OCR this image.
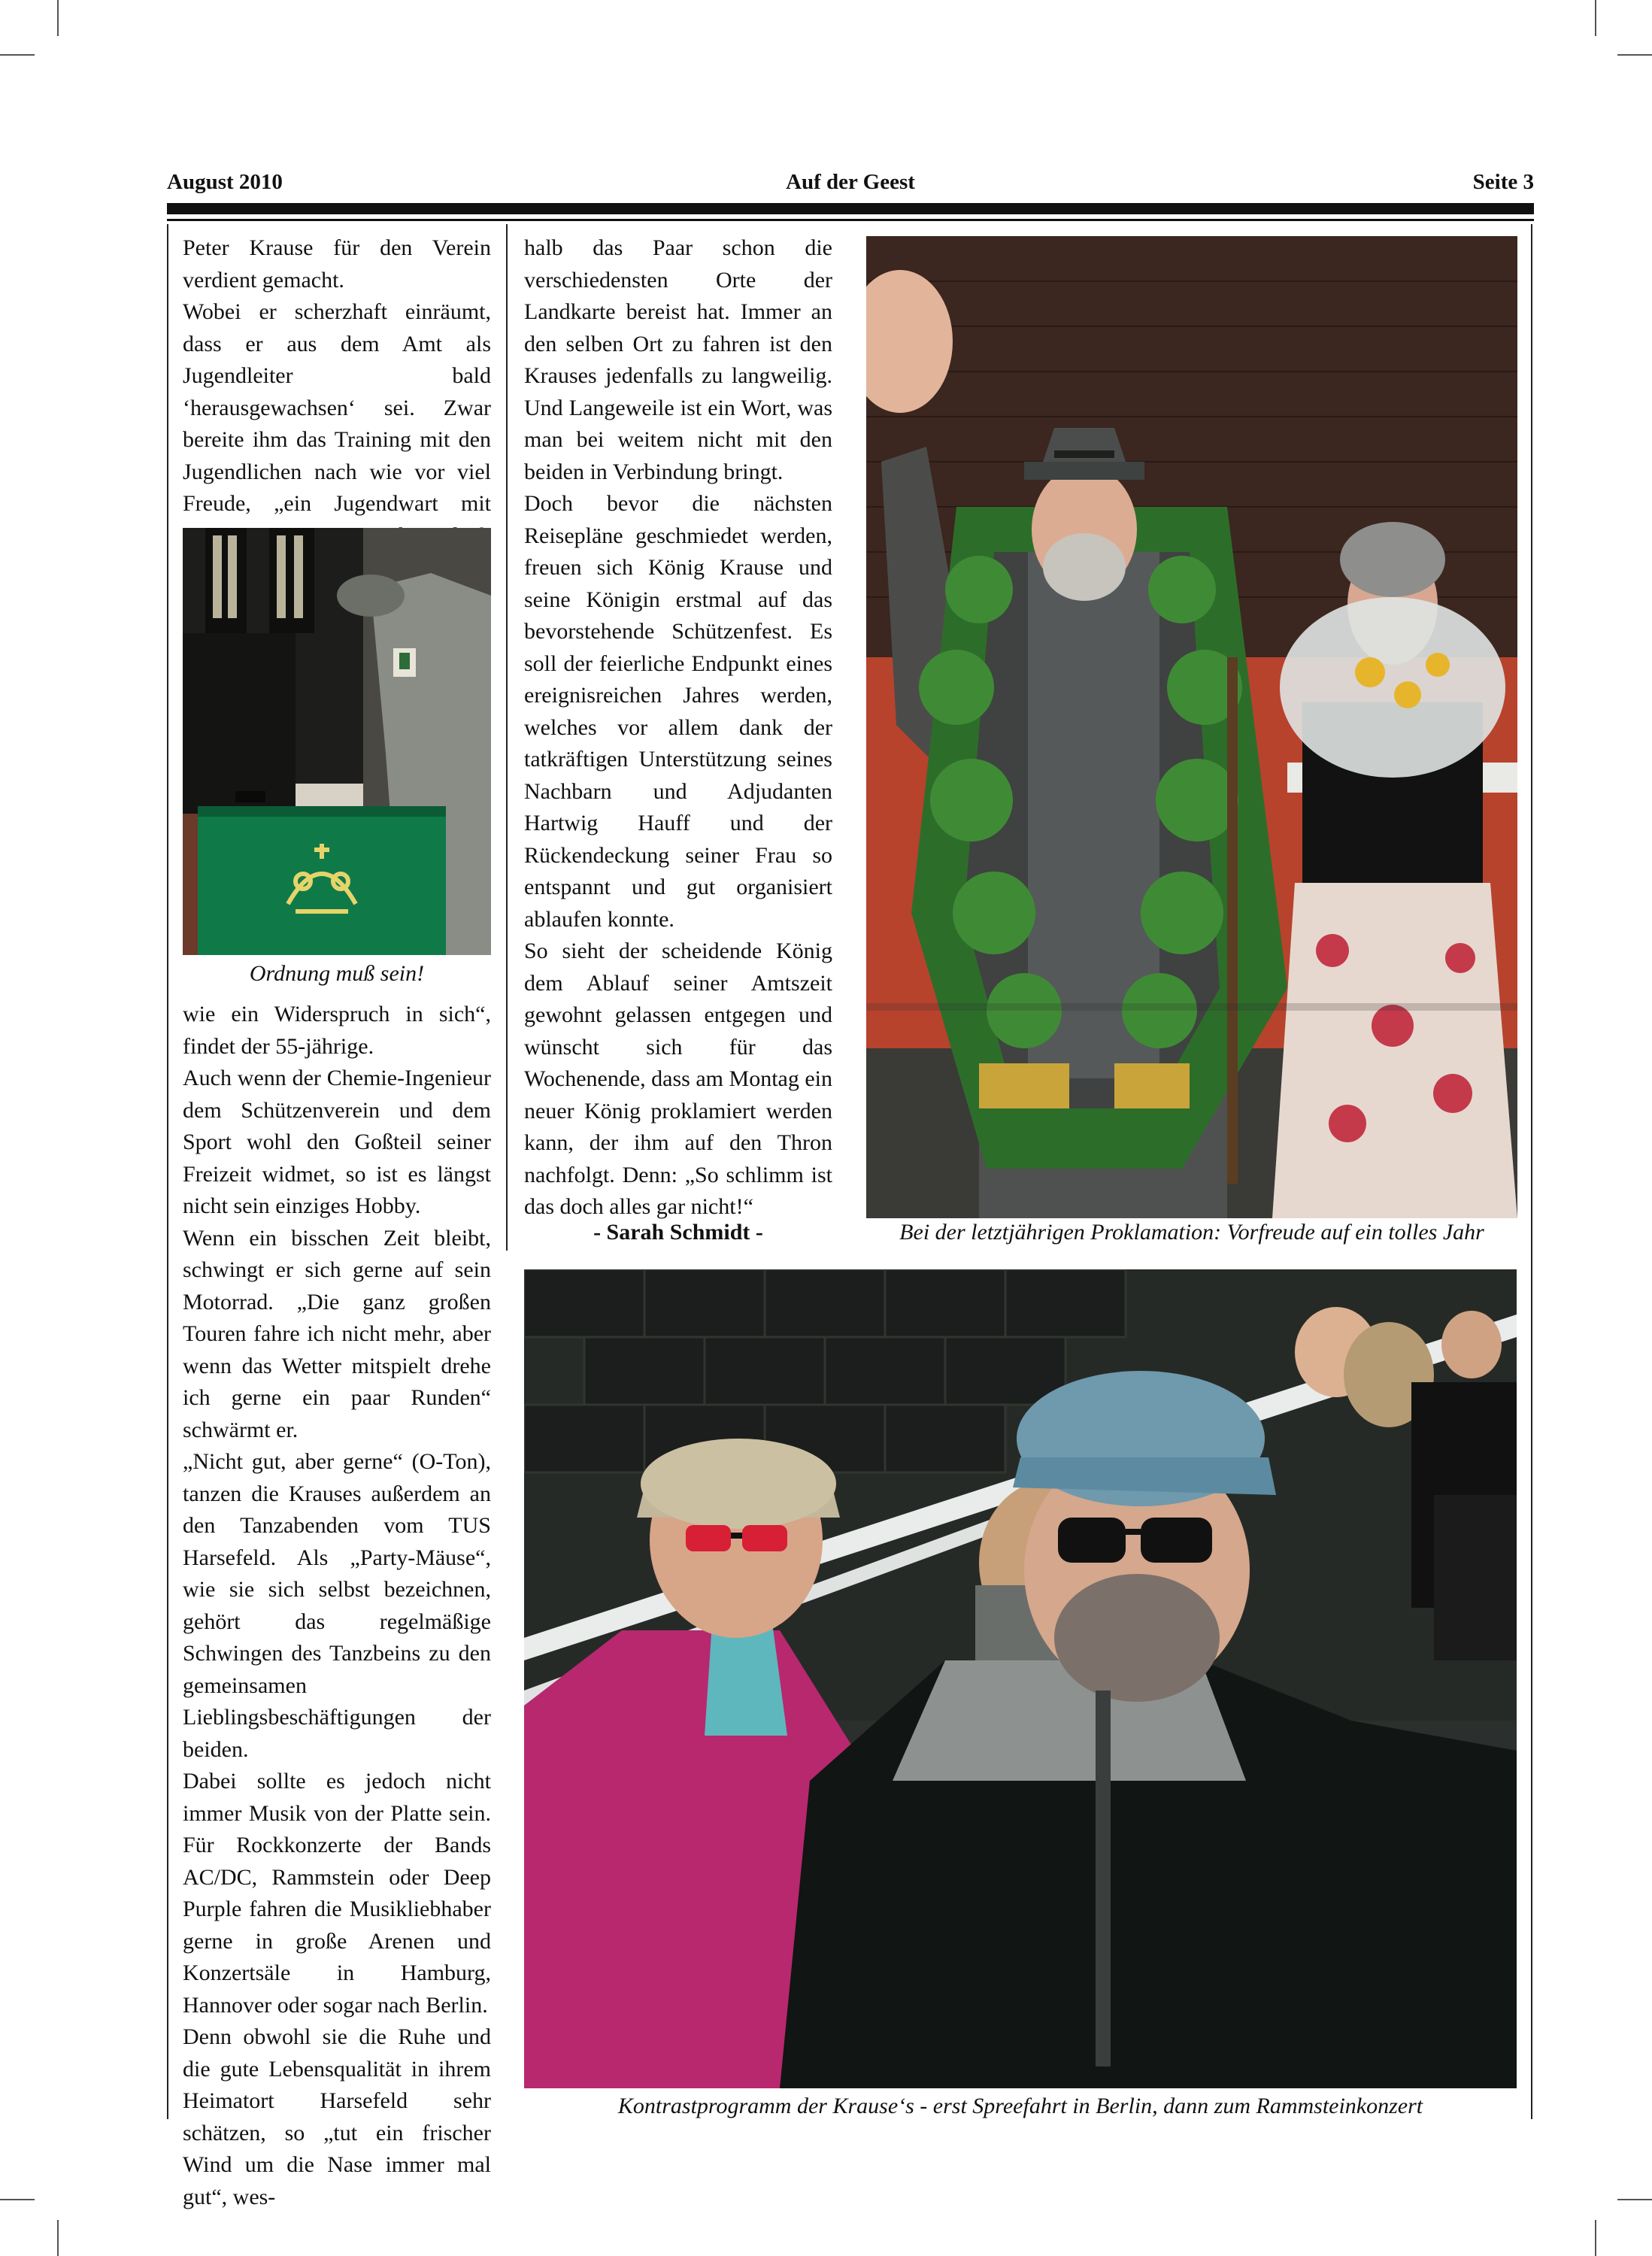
August 2010	Auf der Geest	Seite 3

Peter Krause für den Verein verdient gemacht.

Wobei er scherzhaft einräumt, dass er aus dem Amt als Jugendleiter bald ‘herausgewachsen‘ sei. Zwar bereite ihm das Training mit den Jugendlichen nach wie vor viel Freude, „ein Jugendwart mit

Ordnung muß sein!

wie ein Widerspruch in sich“, findet der 55-jährige.

Auch wenn der Chemie-Ingenieur dem Schützenverein und dem Sport wohl den Goßteil seiner Freizeit widmet, so ist es längst nicht sein einziges Hobby.

Wenn ein bisschen Zeit bleibt, schwingt er sich gerne auf sein Motorrad. „Die ganz großen Touren fahre ich nicht mehr, aber wenn das Wetter mitspielt drehe ich gerne ein paar Runden“ schwärmt er.

„Nicht gut, aber gerne“ (O-Ton), tanzen die Krauses außerdem an den Tanzabenden vom TUS Harsefeld. Als „Party-Mäuse“, wie sie sich selbst bezeichnen, gehört das regelmäßige Schwingen des Tanzbeins zu den gemeinsamen Lieblingsbeschäftigungen der beiden.

Dabei sollte es jedoch nicht immer Musik von der Platte sein. Für Rockkonzerte der Bands AC/DC, Rammstein oder Deep Purple fahren die Musikliebhaber gerne in große Arenen und Konzertsäle in Hamburg, Hannover oder sogar nach Berlin.

Denn obwohl sie die Ruhe und die gute Lebensqualität in ihrem Heimatort Harsefeld sehr schätzen, so „tut ein frischer Wind um die Nase immer mal gut“, wes-

halb das Paar schon die verschiedensten Orte der Landkarte bereist hat. Immer an den selben Ort zu fahren ist den Krauses jedenfalls zu langweilig. Und Langeweile ist ein Wort, was man bei weitem nicht mit den beiden in Verbindung bringt.

Doch bevor die nächsten Reisepläne geschmiedet werden, freuen sich König Krause und seine Königin erstmal auf das bevorstehende Schützenfest. Es soll der feierliche Endpunkt eines ereignisreichen Jahres werden, welches vor allem dank der tatkräftigen Unterstützung seines Nachbarn und Adjudanten Hartwig Hauff und der Rückendeckung seiner Frau so entspannt und gut organisiert ablaufen konnte.

So sieht der scheidende König dem Ablauf seiner Amtszeit gewohnt gelassen entgegen und wünscht sich für das Wochenende, dass am Montag ein neuer König proklamiert werden kann, der ihm auf den Thron nachfolgt. Denn: „So schlimm ist das doch alles gar nicht!“

- Sarah Schmidt -	Bei der letztjährigen Proklamation: Vorfreude auf ein tolles Jahr
Kontrastprogramm der Krause‘s - erst Spreefahrt in Berlin, dann zum Rammsteinkonzert
